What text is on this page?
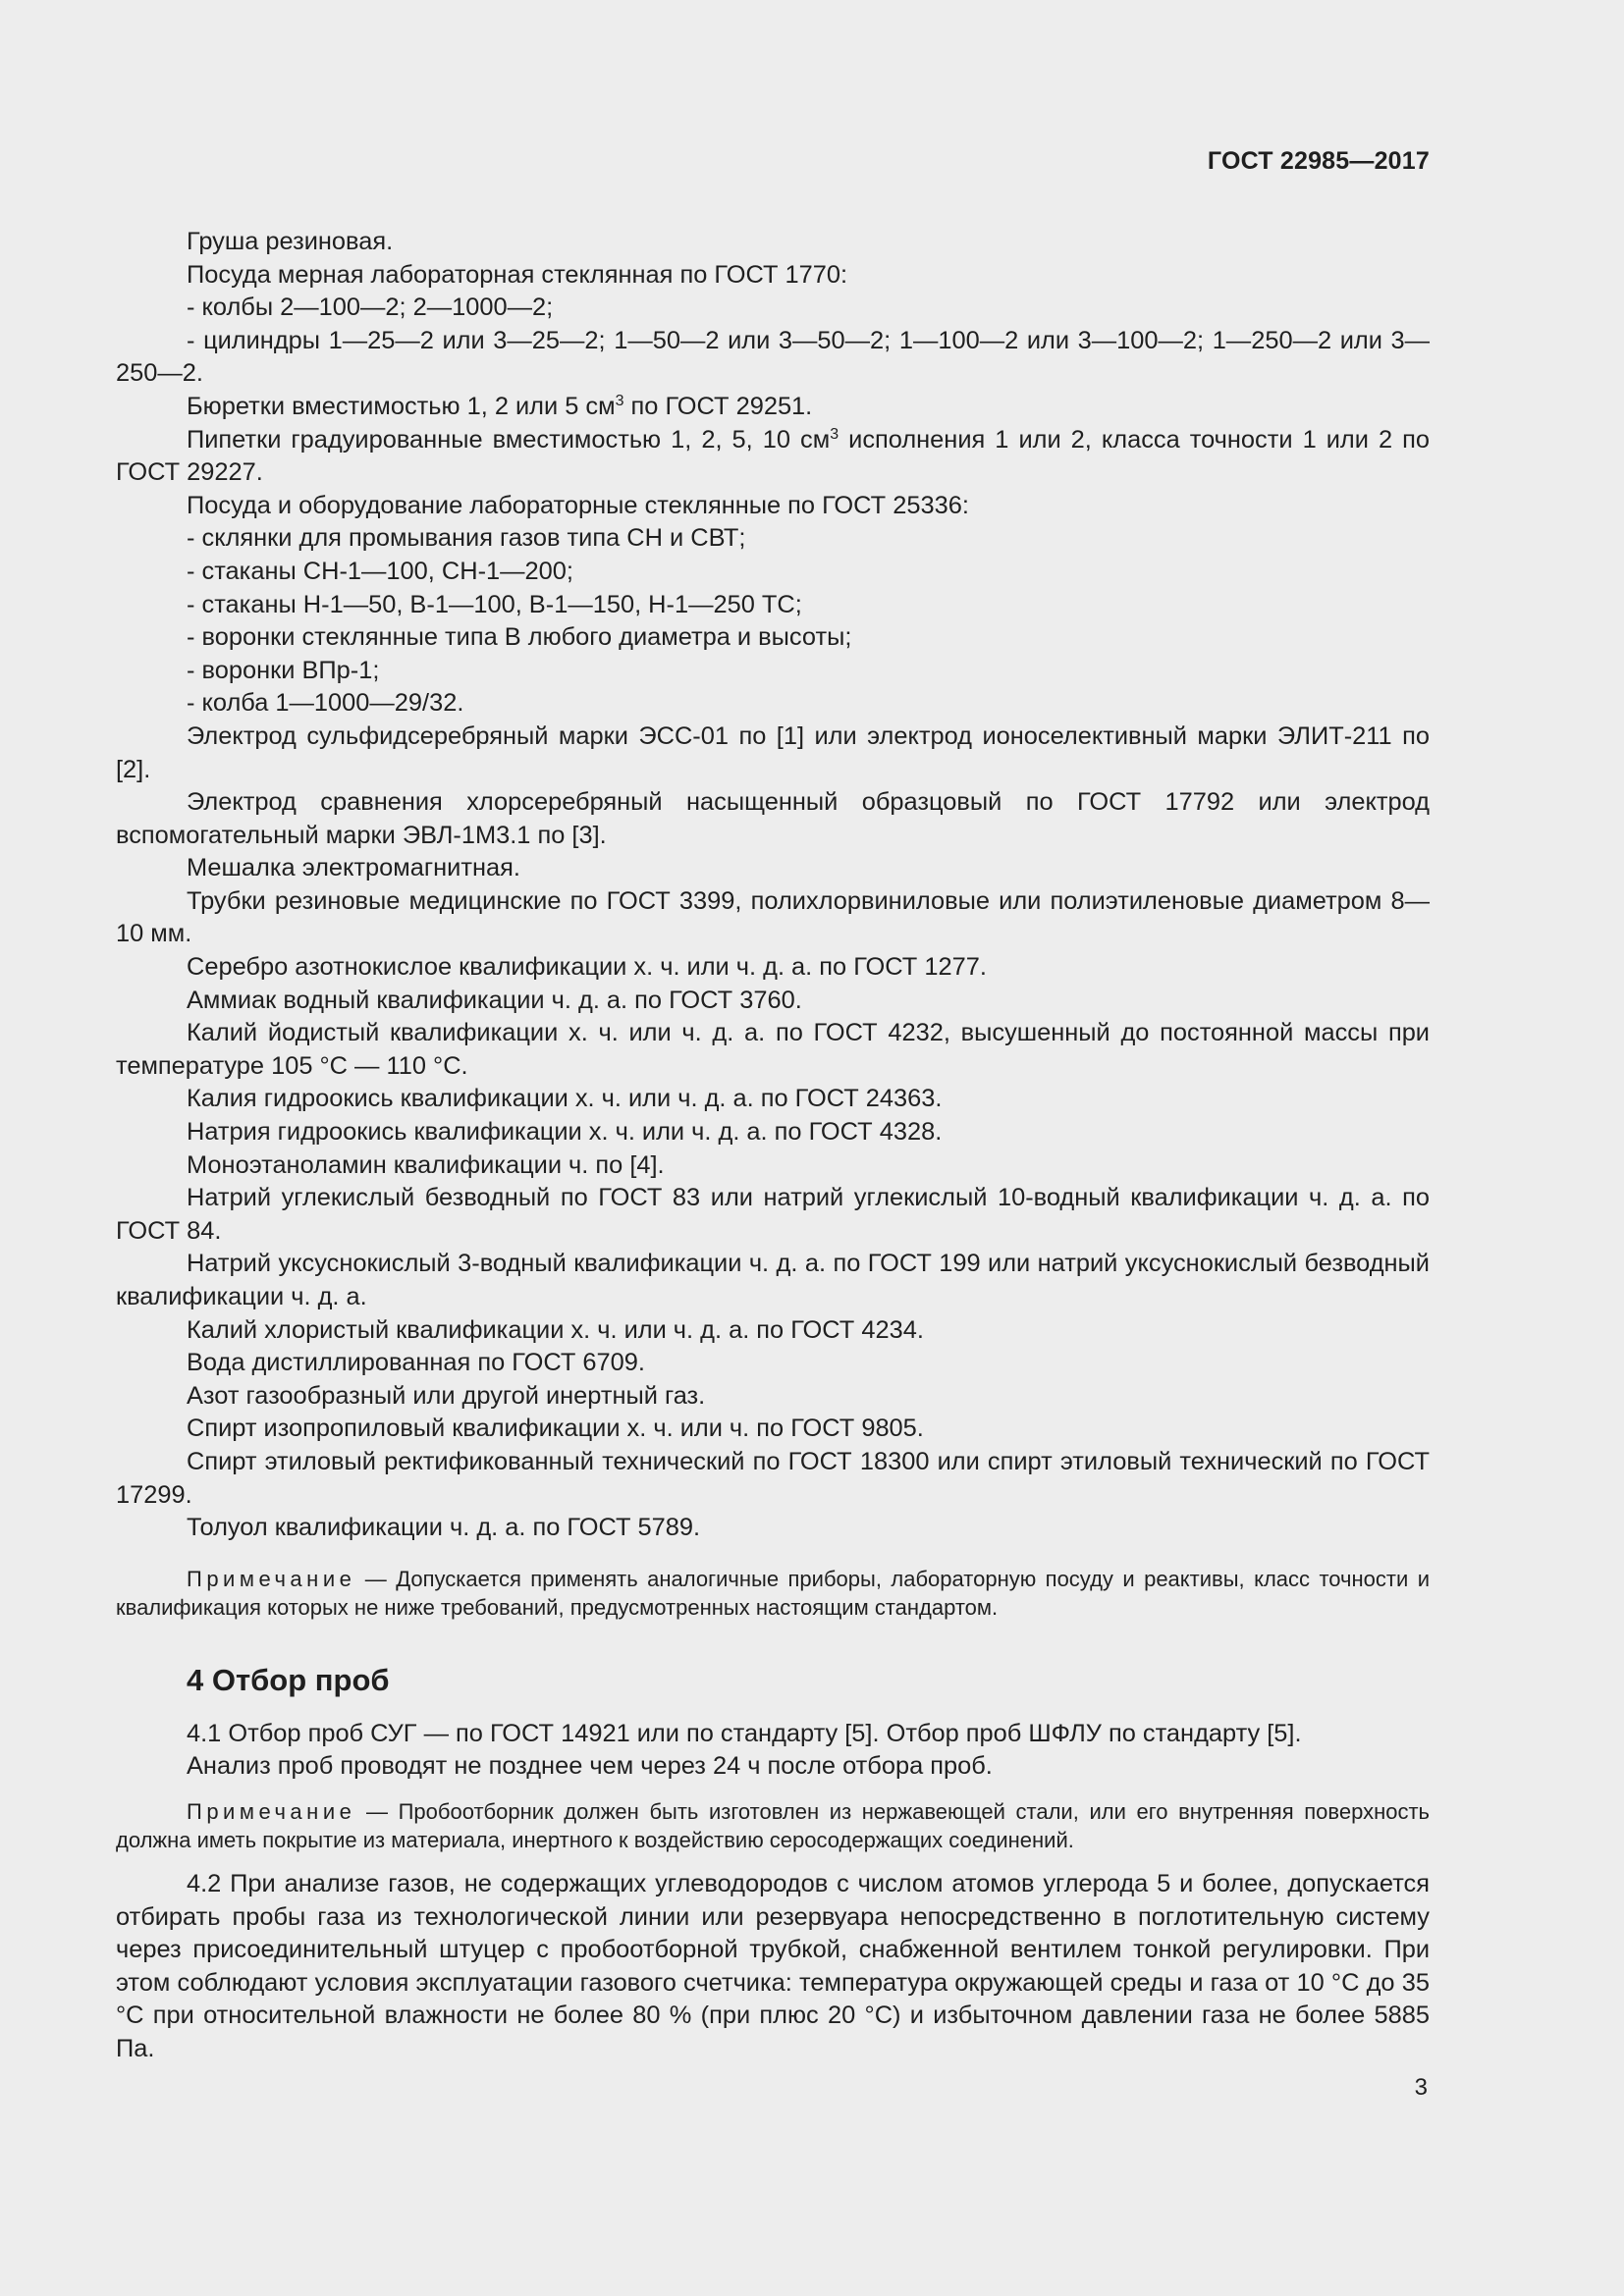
ГОСТ 22985—2017

Груша резиновая.

Посуда мерная лабораторная стеклянная по ГОСТ 1770:

- колбы 2—100—2; 2—1000—2;

- цилиндры 1—25—2 или 3—25—2; 1—50—2 или 3—50—2; 1—100—2 или 3—100—2; 1—250—2 или 3—250—2.

Бюретки вместимостью 1, 2 или 5 $см^3$ по ГОСТ 29251.

Пипетки градуированные вместимостью 1, 2, 5, 10 $см^3$ исполнения 1 или 2, класса точности 1 или 2 по ГОСТ 29227.

Посуда и оборудование лабораторные стеклянные по ГОСТ 25336:

- склянки для промывания газов типа СН и СВТ;

- стаканы СН-1—100, СН-1—200;

- стаканы Н-1—50, В-1—100, В-1—150, Н-1—250 ТС;

- воронки стеклянные типа В любого диаметра и высоты;

- воронки ВПр-1;

- колба 1—1000—29/32.

Электрод сульфидсеребряный марки ЭСС-01 по [1] или электрод ионоселективный марки ЭЛИТ-211 по [2].

Электрод сравнения хлорсеребряный насыщенный образцовый по ГОСТ 17792 или электрод вспомогательный марки ЭВЛ-1М3.1 по [3].

Мешалка электромагнитная.

Трубки резиновые медицинские по ГОСТ 3399, полихлорвиниловые или полиэтиленовые диаметром 8—10 мм.

Серебро азотнокислое квалификации х. ч. или ч. д. а. по ГОСТ 1277.

Аммиак водный квалификации ч. д. а. по ГОСТ 3760.

Калий йодистый квалификации х. ч. или ч. д. а. по ГОСТ 4232, высушенный до постоянной массы при температуре 105 °С — 110 °С.

Калия гидроокись квалификации х. ч. или ч. д. а. по ГОСТ 24363.

Натрия гидроокись квалификации х. ч. или ч. д. а. по ГОСТ 4328.

Моноэтаноламин квалификации ч. по [4].

Натрий углекислый безводный по ГОСТ 83 или натрий углекислый 10-водный квалификации ч. д. а. по ГОСТ 84.

Натрий уксуснокислый 3-водный квалификации ч. д. а. по ГОСТ 199 или натрий уксуснокислый безводный квалификации ч. д. а.

Калий хлористый квалификации х. ч. или ч. д. а. по ГОСТ 4234.

Вода дистиллированная по ГОСТ 6709.

Азот газообразный или другой инертный газ.

Спирт изопропиловый квалификации х. ч. или ч. по ГОСТ 9805.

Спирт этиловый ректификованный технический по ГОСТ 18300 или спирт этиловый технический по ГОСТ 17299.

Толуол квалификации ч. д. а. по ГОСТ 5789.

Примечание — Допускается применять аналогичные приборы, лабораторную посуду и реактивы, класс точности и квалификация которых не ниже требований, предусмотренных настоящим стандартом.

4 Отбор проб

4.1 Отбор проб СУГ — по ГОСТ 14921 или по стандарту [5]. Отбор проб ШФЛУ по стандарту [5].

Анализ проб проводят не позднее чем через 24 ч после отбора проб.

Примечание — Пробоотборник должен быть изготовлен из нержавеющей стали, или его внутренняя поверхность должна иметь покрытие из материала, инертного к воздействию серосодержащих соединений.

4.2 При анализе газов, не содержащих углеводородов с числом атомов углерода 5 и более, допускается отбирать пробы газа из технологической линии или резервуара непосредственно в поглотительную систему через присоединительный штуцер с пробоотборной трубкой, снабженной вентилем тонкой регулировки. При этом соблюдают условия эксплуатации газового счетчика: температура окружающей среды и газа от 10 °С до 35 °С при относительной влажности не более 80 % (при плюс 20 °С) и избыточном давлении газа не более 5885 Па.

3
